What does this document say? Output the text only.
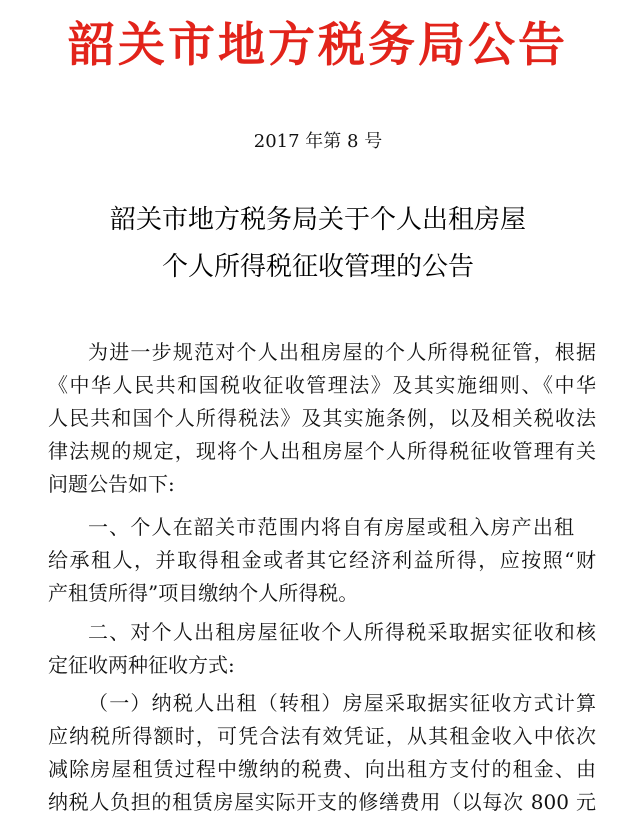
韶关市地方税务局公告
2017 年第 8 号
韶关市地方税务局关于个人出租房屋
个人所得税征收管理的公告
为进一步规范对个人出租房屋的个人所得税征管，根据
《中华人民共和国税收征收管理法》及其实施细则、《中华
人民共和国个人所得税法》及其实施条例，以及相关税收法
律法规的规定，现将个人出租房屋个人所得税征收管理有关
问题公告如下:
一、个人在韶关市范围内将自有房屋或租入房产出租
给承租人，并取得租金或者其它经济利益所得，应按照“财
产租赁所得”项目缴纳个人所得税。
二、对个人出租房屋征收个人所得税采取据实征收和核
定征收两种征收方式:
（一）纳税人出租（转租）房屋采取据实征收方式计算
应纳税所得额时，可凭合法有效凭证，从其租金收入中依次
减除房屋租赁过程中缴纳的税费、向出租方支付的租金、由
纳税人负担的租赁房屋实际开支的修缮费用（以每次 800 元
